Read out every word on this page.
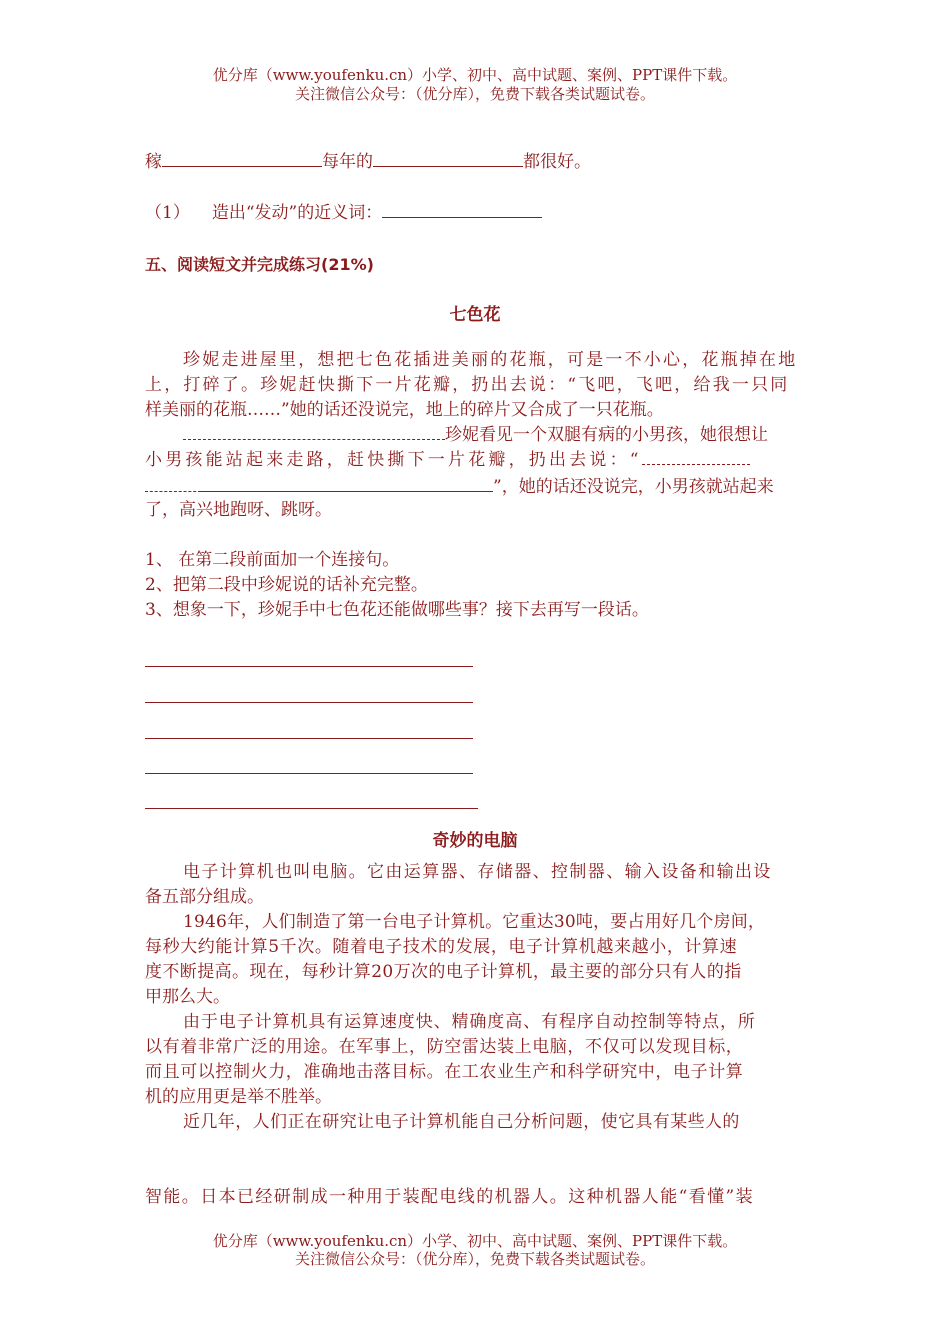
优分库（www.youfenku.cn）小学、初中、高中试题、案例、PPT课件下载。
关注微信公众号：（优分库），免费下载各类试题试卷。
稼	每年的	都很好。
（1） 造出“发动”的近义词：
五、阅读短文并完成练习(21%)
七色花
珍妮走进屋里，想把七色花插进美丽的花瓶，可是一不小心，花瓶掉在地
上，打碎了。珍妮赶快撕下一片花瓣，扔出去说：“飞吧，飞吧，给我一只同
样美丽的花瓶……”她的话还没说完，地上的碎片又合成了一只花瓶。
珍妮看见一个双腿有病的小男孩，她很想让
小男孩能站起来走路，赶快撕下一片花瓣，扔出去说：“
”，她的话还没说完，小男孩就站起来
了，高兴地跑呀、跳呀。
1、 在第二段前面加一个连接句。
2、把第二段中珍妮说的话补充完整。
3、想象一下，珍妮手中七色花还能做哪些事？接下去再写一段话。
奇妙的电脑
电子计算机也叫电脑。它由运算器、存储器、控制器、输入设备和输出设
备五部分组成。
1946年，人们制造了第一台电子计算机。它重达30吨，要占用好几个房间，
每秒大约能计算5千次。随着电子技术的发展，电子计算机越来越小，计算速
度不断提高。现在，每秒计算20万次的电子计算机，最主要的部分只有人的指
甲那么大。
由于电子计算机具有运算速度快、精确度高、有程序自动控制等特点，所
以有着非常广泛的用途。在军事上，防空雷达装上电脑，不仅可以发现目标，
而且可以控制火力，准确地击落目标。在工农业生产和科学研究中，电子计算
机的应用更是举不胜举。
近几年，人们正在研究让电子计算机能自己分析问题，使它具有某些人的
智能。日本已经研制成一种用于装配电线的机器人。这种机器人能“看懂”装
优分库（www.youfenku.cn）小学、初中、高中试题、案例、PPT课件下载。
关注微信公众号：（优分库），免费下载各类试题试卷。
